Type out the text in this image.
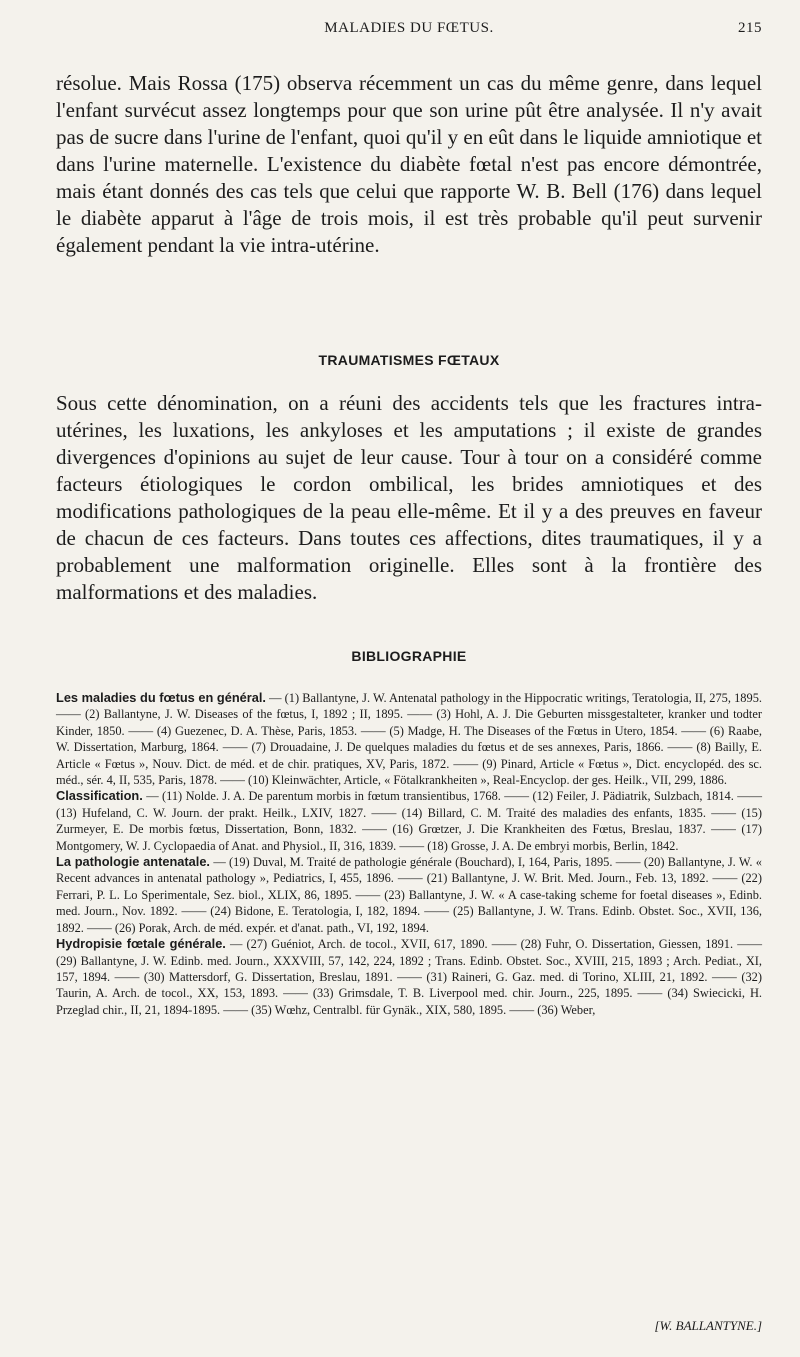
MALADIES DU FŒTUS.	215

résolue. Mais Rossa (175) observa récemment un cas du même genre, dans lequel l'enfant survécut assez longtemps pour que son urine pût être analysée. Il n'y avait pas de sucre dans l'urine de l'enfant, quoi qu'il y en eût dans le liquide amniotique et dans l'urine maternelle. L'existence du diabète fœtal n'est pas encore démontrée, mais étant donnés des cas tels que celui que rapporte W. B. Bell (176) dans lequel le diabète apparut à l'âge de trois mois, il est très probable qu'il peut survenir également pendant la vie intra-utérine.

TRAUMATISMES FŒTAUX

Sous cette dénomination, on a réuni des accidents tels que les fractures intra-utérines, les luxations, les ankyloses et les amputations ; il existe de grandes divergences d'opinions au sujet de leur cause. Tour à tour on a considéré comme facteurs étiologiques le cordon ombilical, les brides amniotiques et des modifications pathologiques de la peau elle-même. Et il y a des preuves en faveur de chacun de ces facteurs. Dans toutes ces affections, dites traumatiques, il y a probablement une malformation originelle. Elles sont à la frontière des malformations et des maladies.

BIBLIOGRAPHIE

Les maladies du fœtus en général. — (1) Ballantyne, J. W. Antenatal pathology in the Hippocratic writings, Teratologia, II, 275, 1895. —— (2) Ballantyne, J. W. Diseases of the fœtus, I, 1892 ; II, 1895. —— (3) Hohl, A. J. Die Geburten missgestalteter, kranker und todter Kinder, 1850. —— (4) Guezenec, D. A. Thèse, Paris, 1853. —— (5) Madge, H. The Diseases of the Fœtus in Utero, 1854. —— (6) Raabe, W. Dissertation, Marburg, 1864. —— (7) Drouadaine, J. De quelques maladies du fœtus et de ses annexes, Paris, 1866. —— (8) Bailly, E. Article « Fœtus », Nouv. Dict. de méd. et de chir. pratiques, XV, Paris, 1872. —— (9) Pinard, Article « Fœtus », Dict. encyclopéd. des sc. méd., sér. 4, II, 535, Paris, 1878. —— (10) Kleinwächter, Article, « Fötalkrankheiten », Real-Encyclop. der ges. Heilk., VII, 299, 1886.

Classification. — (11) Nolde. J. A. De parentum morbis in fœtum transientibus, 1768. —— (12) Feiler, J. Pädiatrik, Sulzbach, 1814. —— (13) Hufeland, C. W. Journ. der prakt. Heilk., LXIV, 1827. —— (14) Billard, C. M. Traité des maladies des enfants, 1835. —— (15) Zurmeyer, E. De morbis fœtus, Dissertation, Bonn, 1832. —— (16) Grœtzer, J. Die Krankheiten des Fœtus, Breslau, 1837. —— (17) Montgomery, W. J. Cyclopaedia of Anat. and Physiol., II, 316, 1839. —— (18) Grosse, J. A. De embryi morbis, Berlin, 1842.

La pathologie antenatale. — (19) Duval, M. Traité de pathologie générale (Bouchard), I, 164, Paris, 1895. —— (20) Ballantyne, J. W. « Recent advances in antenatal pathology », Pediatrics, I, 455, 1896. —— (21) Ballantyne, J. W. Brit. Med. Journ., Feb. 13, 1892. —— (22) Ferrari, P. L. Lo Sperimentale, Sez. biol., XLIX, 86, 1895. —— (23) Ballantyne, J. W. « A case-taking scheme for foetal diseases », Edinb. med. Journ., Nov. 1892. —— (24) Bidone, E. Teratologia, I, 182, 1894. —— (25) Ballantyne, J. W. Trans. Edinb. Obstet. Soc., XVII, 136, 1892. —— (26) Porak, Arch. de méd. expér. et d'anat. path., VI, 192, 1894.

Hydropisie fœtale générale. — (27) Guéniot, Arch. de tocol., XVII, 617, 1890. —— (28) Fuhr, O. Dissertation, Giessen, 1891. —— (29) Ballantyne, J. W. Edinb. med. Journ., XXXVIII, 57, 142, 224, 1892 ; Trans. Edinb. Obstet. Soc., XVIII, 215, 1893 ; Arch. Pediat., XI, 157, 1894. —— (30) Mattersdorf, G. Dissertation, Breslau, 1891. —— (31) Raineri, G. Gaz. med. di Torino, XLIII, 21, 1892. —— (32) Taurin, A. Arch. de tocol., XX, 153, 1893. —— (33) Grimsdale, T. B. Liverpool med. chir. Journ., 225, 1895. —— (34) Swiecicki, H. Przeglad chir., II, 21, 1894-1895. —— (35) Wœhz, Centralbl. für Gynäk., XIX, 580, 1895. —— (36) Weber,

[W. BALLANTYNE.]
